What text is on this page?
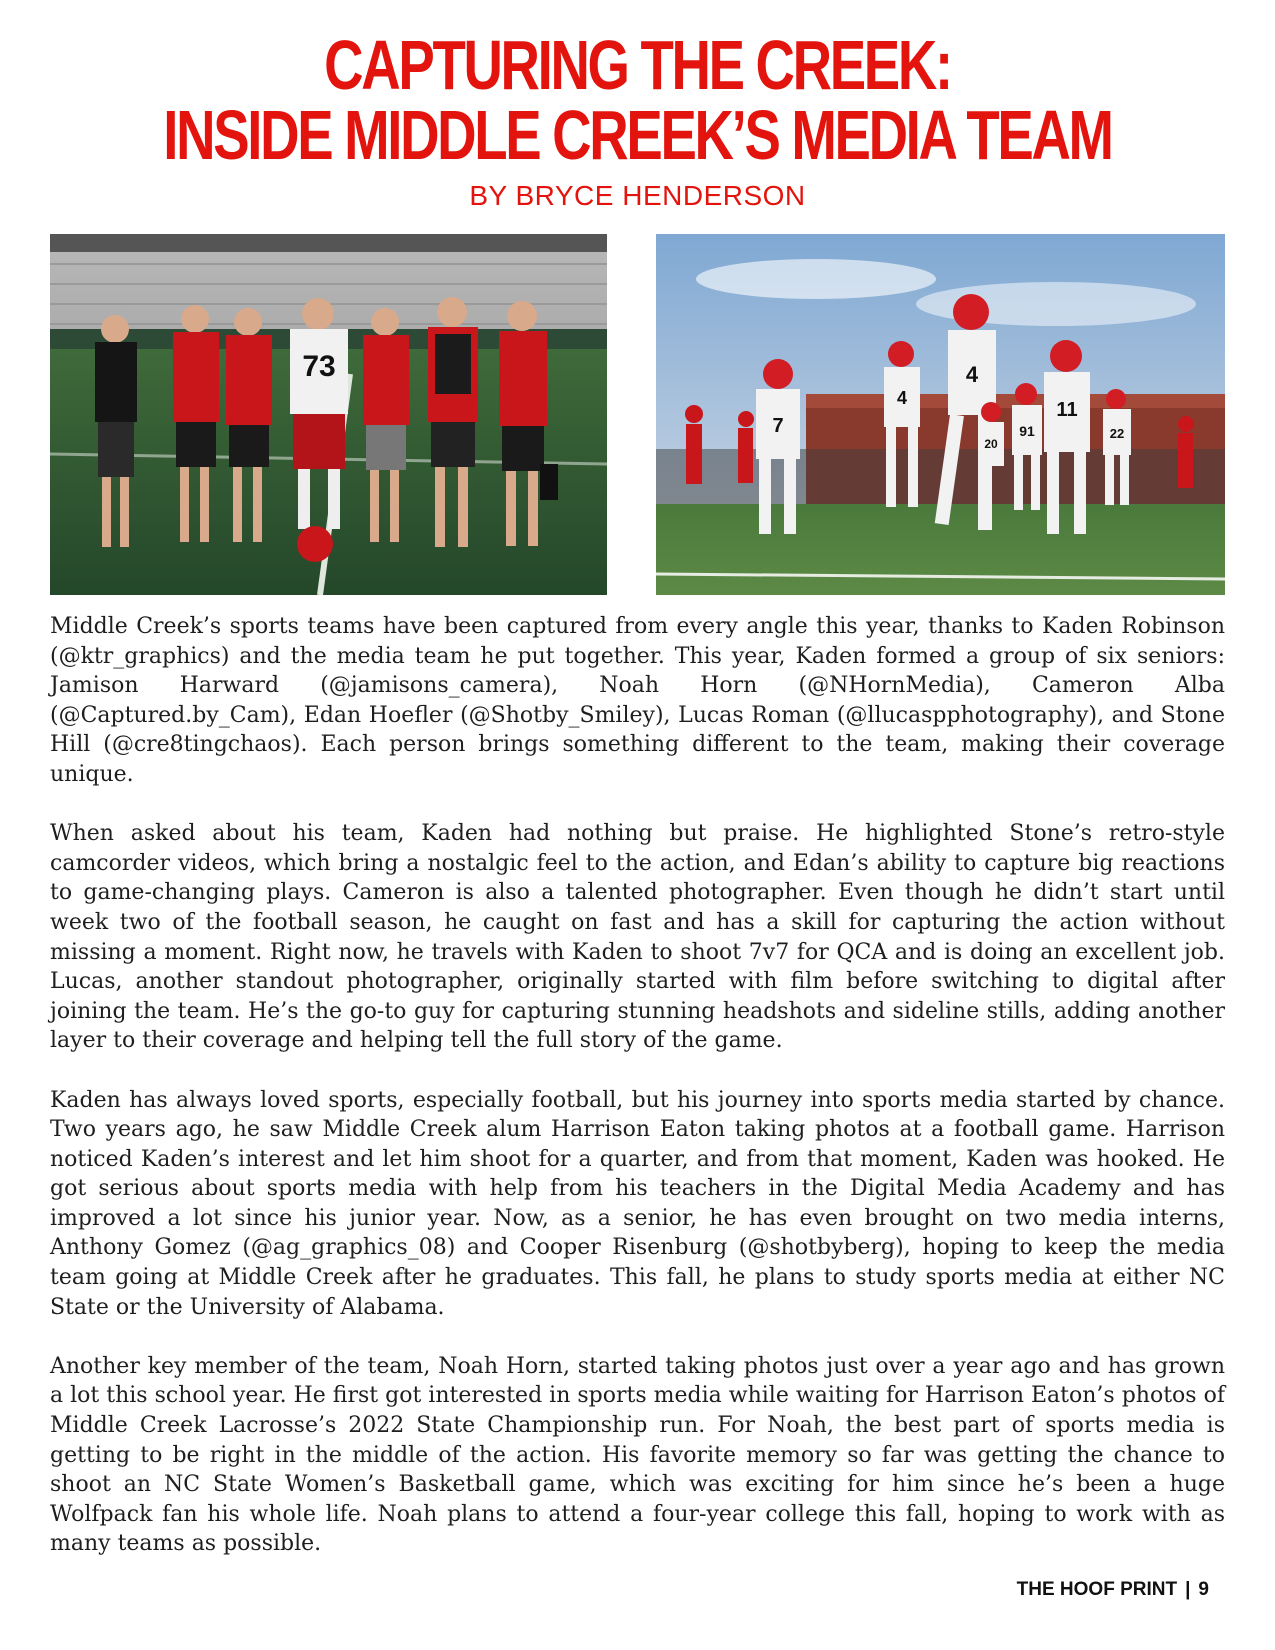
CAPTURING THE CREEK:
INSIDE MIDDLE CREEK’S MEDIA TEAM

BY BRYCE HENDERSON

73
7
4
4
91
20
11
22

Middle Creek’s sports teams have been captured from every angle this year, thanks to Kaden Robinson (@ktr_graphics) and the media team he put together. This year, Kaden formed a group of six seniors: Jamison Harward (@jamisons_camera), Noah Horn (@NHornMedia), Cameron Alba (@Captured.by_Cam), Edan Hoefler (@Shotby_Smiley), Lucas Roman (@llucaspphotography), and Stone Hill (@cre8tingchaos). Each person brings something different to the team, making their coverage unique.

When asked about his team, Kaden had nothing but praise. He highlighted Stone’s retro-style camcorder videos, which bring a nostalgic feel to the action, and Edan’s ability to capture big reactions to game-changing plays. Cameron is also a talented photographer. Even though he didn’t start until week two of the football season, he caught on fast and has a skill for capturing the action without missing a moment. Right now, he travels with Kaden to shoot 7v7 for QCA and is doing an excellent job. Lucas, another standout photographer, originally started with film before switching to digital after joining the team. He’s the go-to guy for capturing stunning headshots and sideline stills, adding another layer to their coverage and helping tell the full story of the game.

Kaden has always loved sports, especially football, but his journey into sports media started by chance. Two years ago, he saw Middle Creek alum Harrison Eaton taking photos at a football game. Harrison noticed Kaden’s interest and let him shoot for a quarter, and from that moment, Kaden was hooked. He got serious about sports media with help from his teachers in the Digital Media Academy and has improved a lot since his junior year. Now, as a senior, he has even brought on two media interns, Anthony Gomez (@ag_graphics_08) and Cooper Risenburg (@shotbyberg), hoping to keep the media team going at Middle Creek after he graduates. This fall, he plans to study sports media at either NC State or the University of Alabama.

Another key member of the team, Noah Horn, started taking photos just over a year ago and has grown a lot this school year. He first got interested in sports media while waiting for Harrison Eaton’s photos of Middle Creek Lacrosse’s 2022 State Championship run. For Noah, the best part of sports media is getting to be right in the middle of the action. His favorite memory so far was getting the chance to shoot an NC State Women’s Basketball game, which was exciting for him since he’s been a huge Wolfpack fan his whole life. Noah plans to attend a four-year college this fall, hoping to work with as many teams as possible.

THE HOOF PRINT | 9
